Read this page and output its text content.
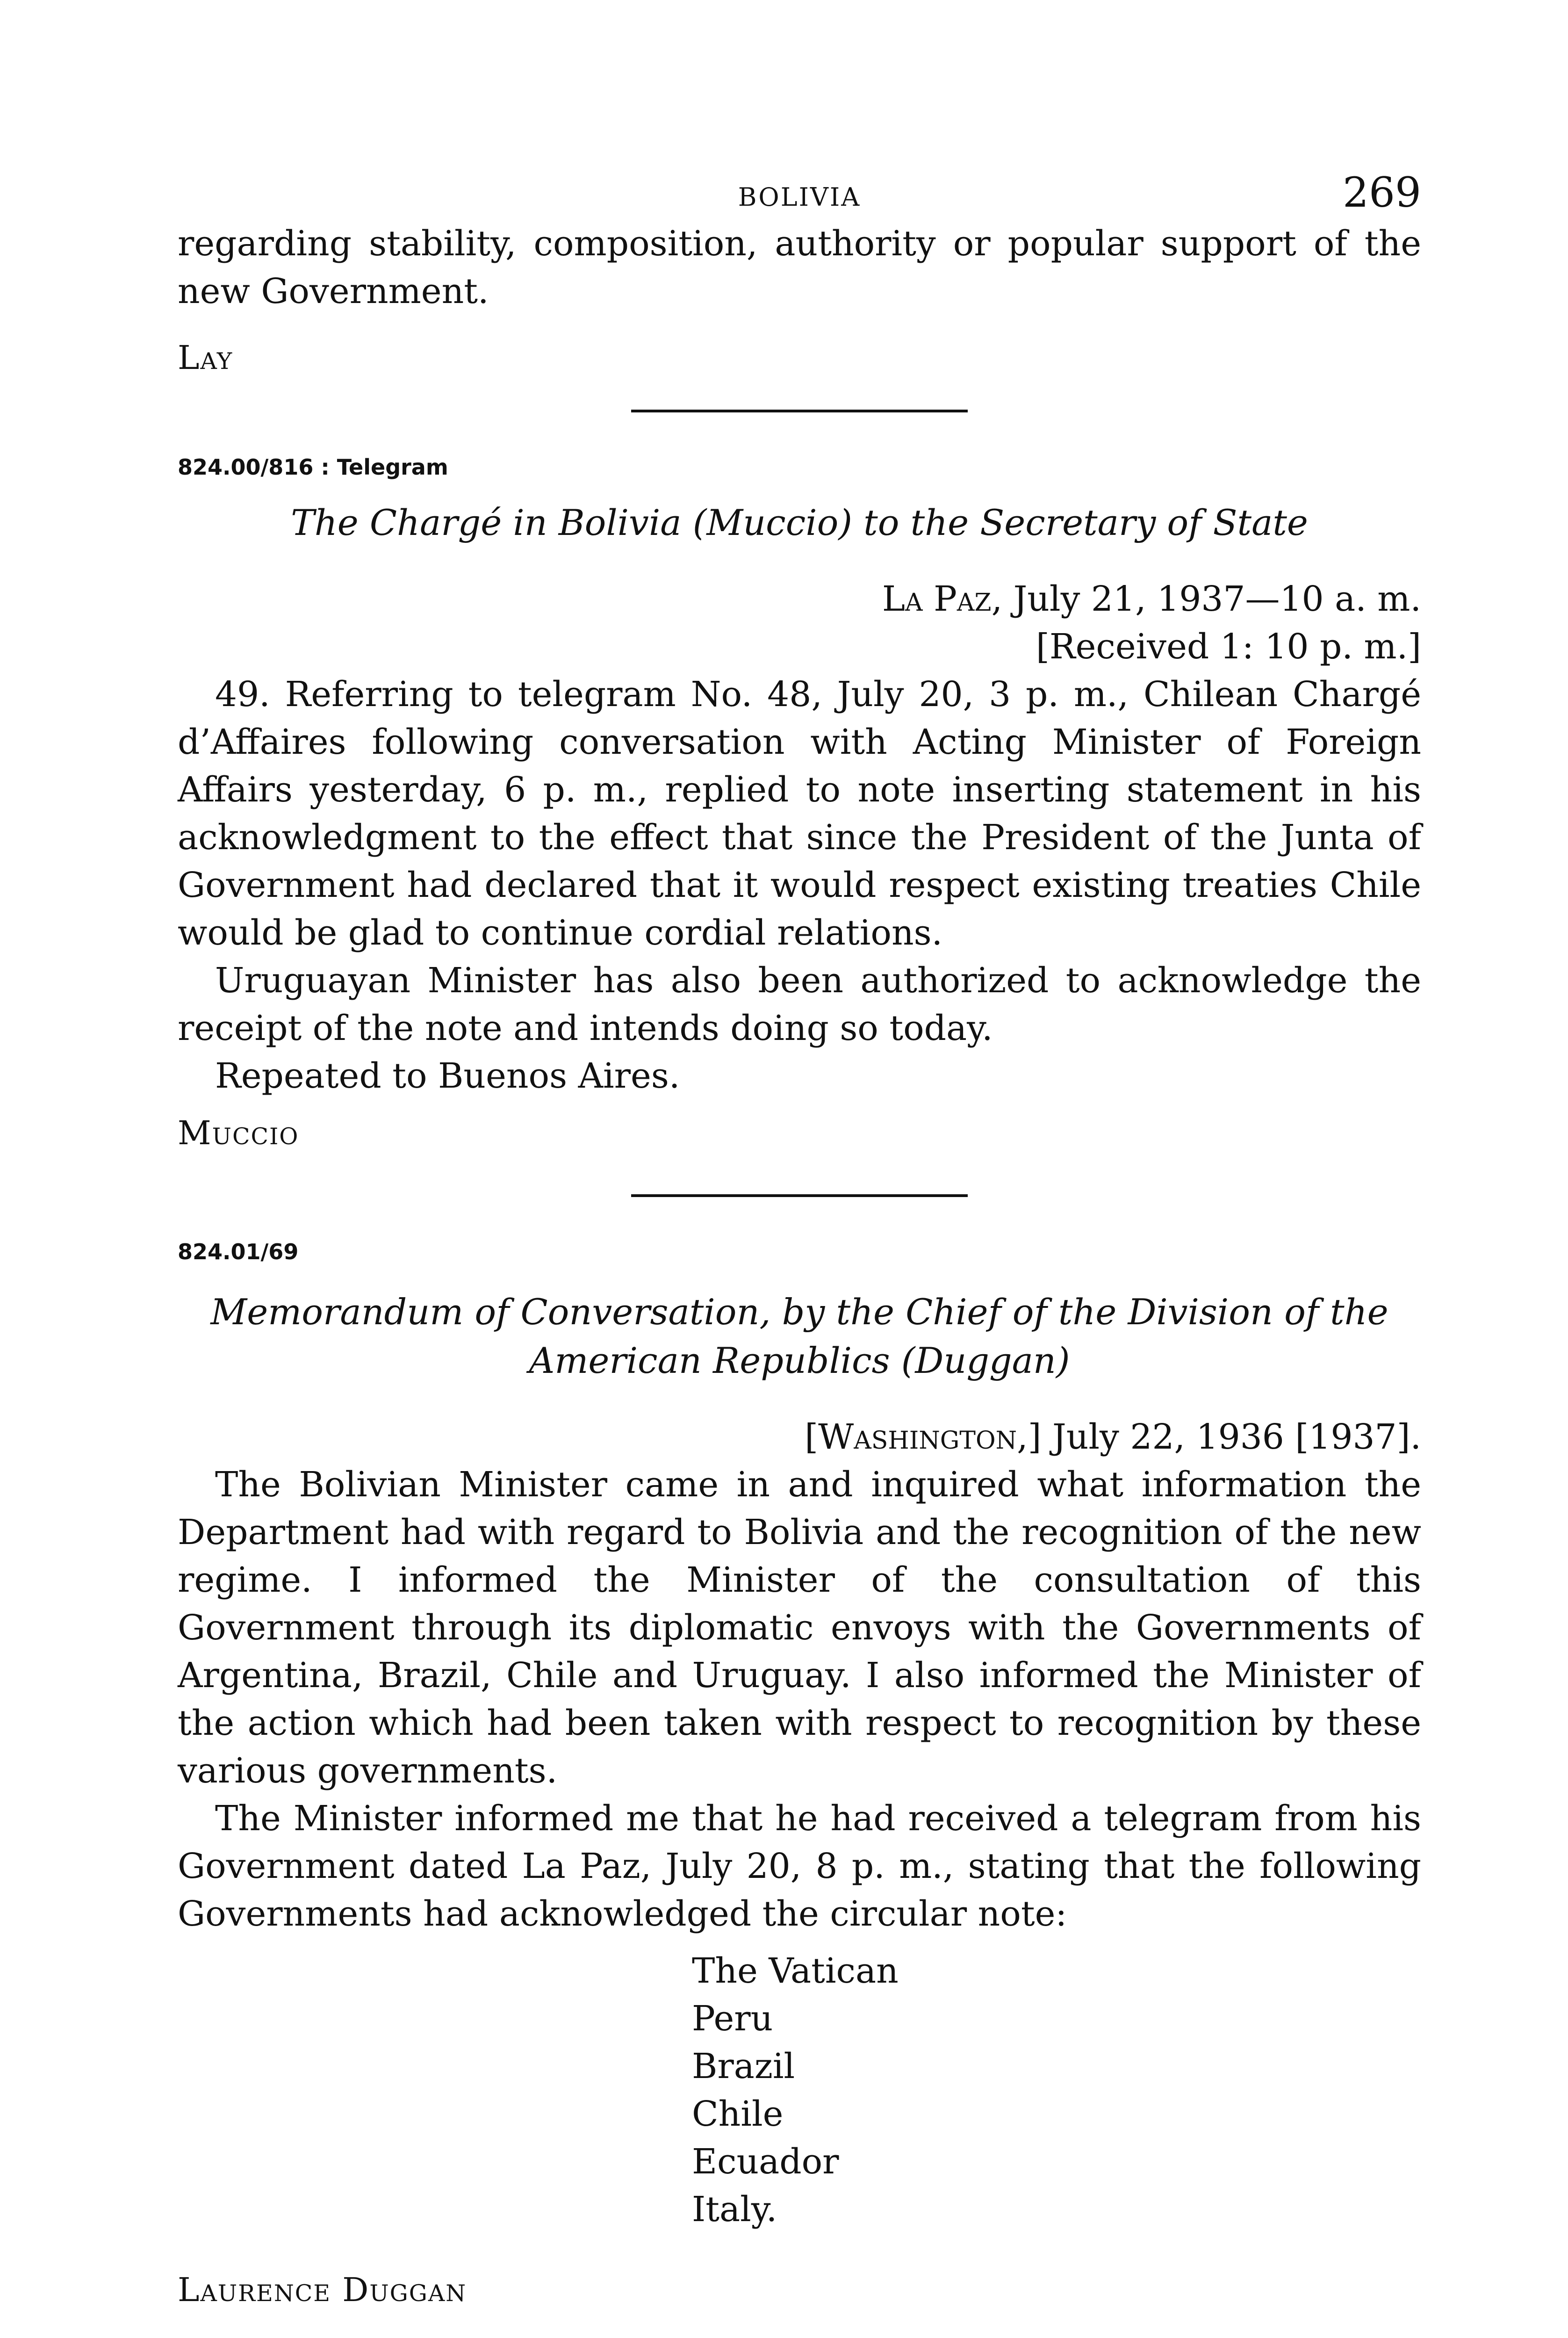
BOLIVIA	269

regarding stability, composition, authority or popular support of the new Government.

Lay

824.00/816 : Telegram

The Chargé in Bolivia (Muccio) to the Secretary of State

La Paz, July 21, 1937—10 a. m.
[Received 1: 10 p. m.]

49. Referring to telegram No. 48, July 20, 3 p. m., Chilean Chargé d’Affaires following conversation with Acting Minister of Foreign Affairs yesterday, 6 p. m., replied to note inserting statement in his acknowledgment to the effect that since the President of the Junta of Government had declared that it would respect existing treaties Chile would be glad to continue cordial relations.

Uruguayan Minister has also been authorized to acknowledge the receipt of the note and intends doing so today.

Repeated to Buenos Aires.

Muccio

824.01/69

Memorandum of Conversation, by the Chief of the Division of the American Republics (Duggan)

[Washington,] July 22, 1936 [1937].

The Bolivian Minister came in and inquired what information the Department had with regard to Bolivia and the recognition of the new regime. I informed the Minister of the consultation of this Government through its diplomatic envoys with the Governments of Argentina, Brazil, Chile and Uruguay. I also informed the Minister of the action which had been taken with respect to recognition by these various governments.

The Minister informed me that he had received a telegram from his Government dated La Paz, July 20, 8 p. m., stating that the following Governments had acknowledged the circular note:

The Vatican
Peru
Brazil
Chile
Ecuador
Italy.

Laurence Duggan
